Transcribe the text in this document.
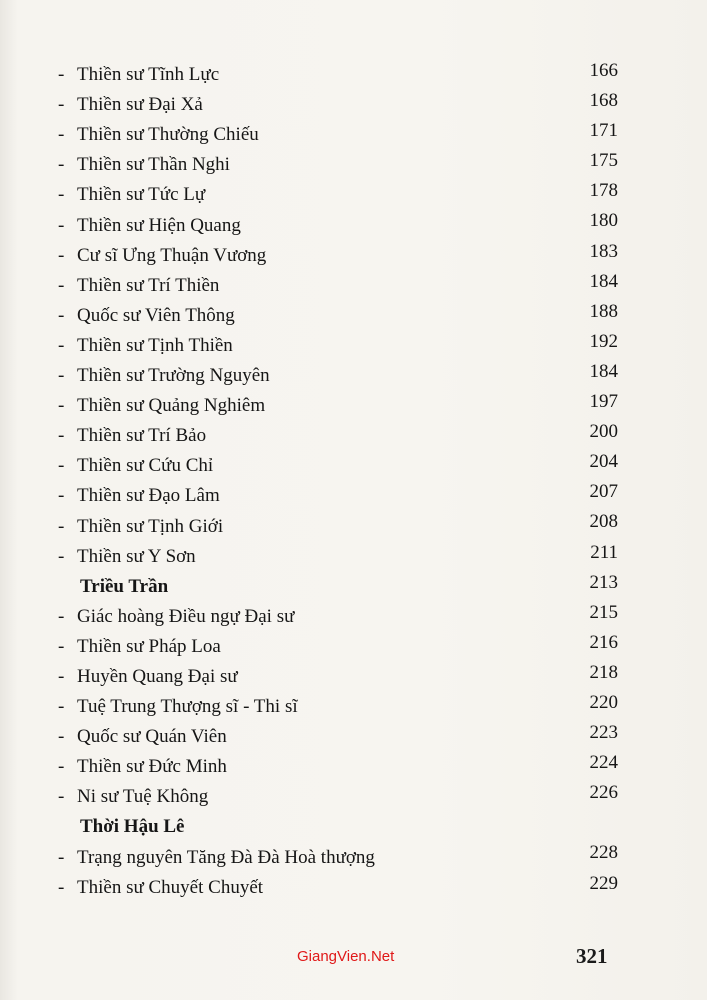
- Thiền sư Tĩnh Lực	166
- Thiền sư Đại Xả	168
- Thiền sư Thường Chiếu	171
- Thiền sư Thần Nghi	175
- Thiền sư Tức Lự	178
- Thiền sư Hiện Quang	180
- Cư sĩ Ưng Thuận Vương	183
- Thiền sư Trí Thiền	184
- Quốc sư Viên Thông	188
- Thiền sư Tịnh Thiền	192
- Thiền sư Trường Nguyên	184
- Thiền sư Quảng Nghiêm	197
- Thiền sư Trí Bảo	200
- Thiền sư Cứu Chỉ	204
- Thiền sư Đạo Lâm	207
- Thiền sư Tịnh Giới	208
- Thiền sư Y Sơn	211
Triều Trần	213
- Giác hoàng Điều ngự Đại sư	215
- Thiền sư Pháp Loa	216
- Huyền Quang Đại sư	218
- Tuệ Trung Thượng sĩ - Thi sĩ	220
- Quốc sư Quán Viên	223
- Thiền sư Đức Minh	224
- Ni sư Tuệ Không	226
Thời Hậu Lê
- Trạng nguyên Tăng Đà Đà Hoà thượng	228
- Thiền sư Chuyết Chuyết	229
GiangVien.Net	321
